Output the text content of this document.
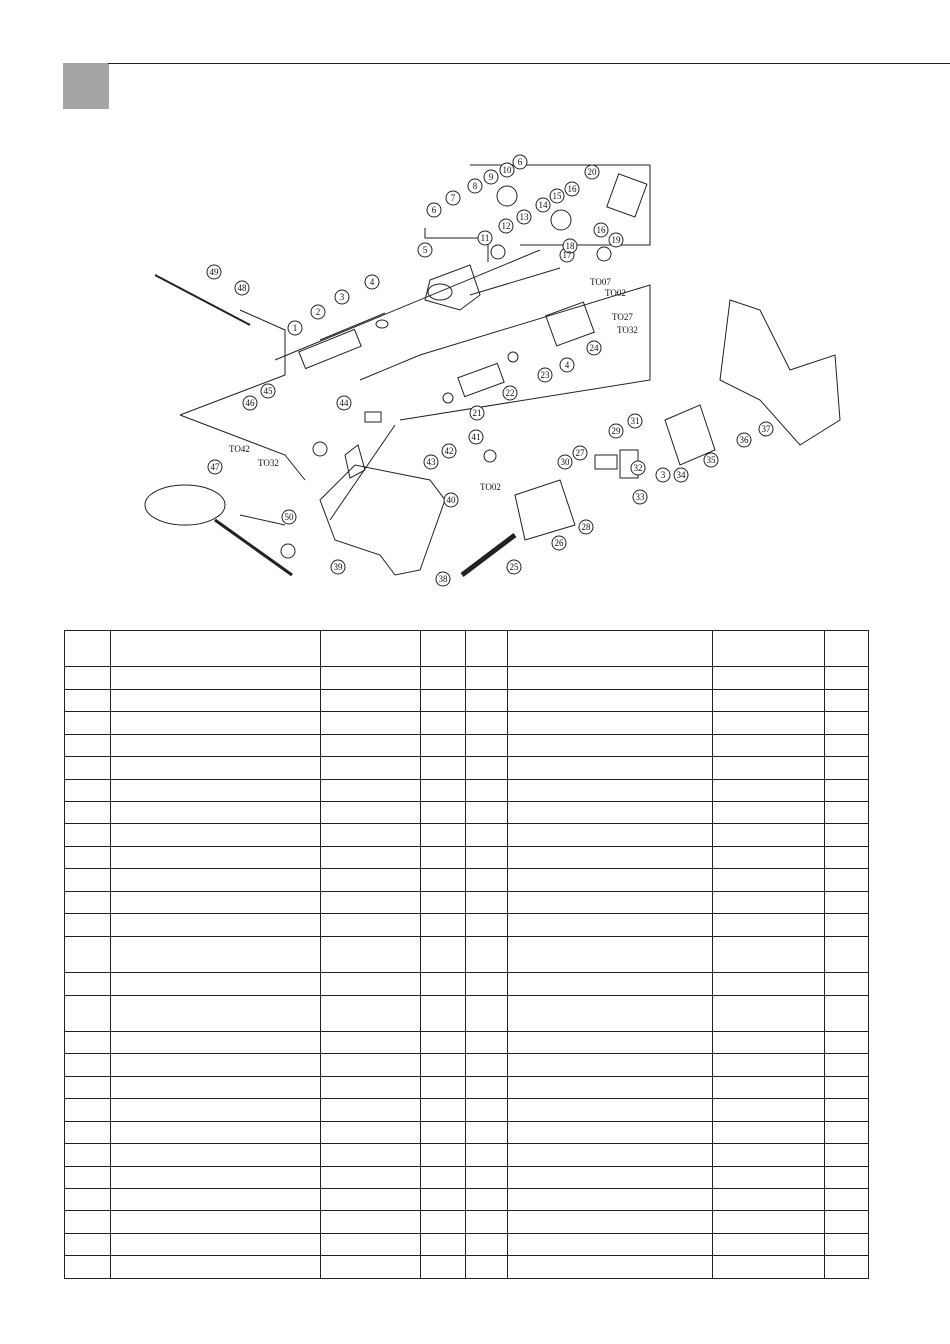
1
2
3
4
5
6
6
7
8
9
10
11
12
13
14
15
16
16
17
18
19
20
21
22
23
24
25
26
27
28
29
30
31
32
33
34
35
36
37
38
39
40
41
42
43
44
45
46
47
48
49
50
4
3
TO07
TO02
TO27
TO32
TO02
TO42
TO32
